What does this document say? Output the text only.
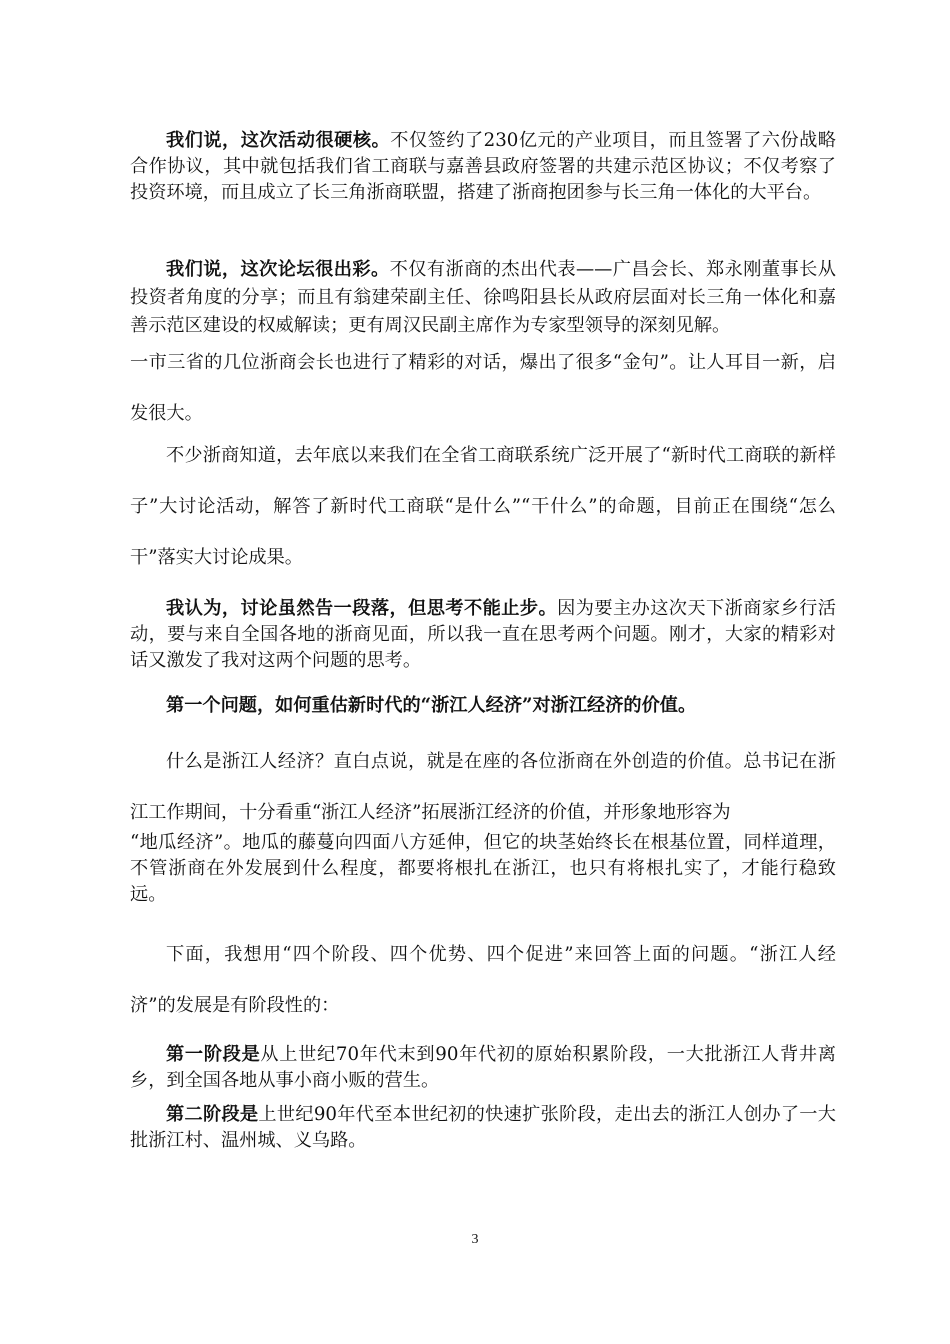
我们说，这次活动很硬核。不仅签约了230亿元的产业项目，而且签署了六份战略合作协议，其中就包括我们省工商联与嘉善县政府签署的共建示范区协议；不仅考察了投资环境，而且成立了长三角浙商联盟，搭建了浙商抱团参与长三角一体化的大平台。

我们说，这次论坛很出彩。不仅有浙商的杰出代表——广昌会长、郑永刚董事长从投资者角度的分享；而且有翁建荣副主任、徐鸣阳县长从政府层面对长三角一体化和嘉善示范区建设的权威解读；更有周汉民副主席作为专家型领导的深刻见解。

一市三省的几位浙商会长也进行了精彩的对话，爆出了很多“金句”。让人耳目一新，启发很大。

不少浙商知道，去年底以来我们在全省工商联系统广泛开展了“新时代工商联的新样子”大讨论活动，解答了新时代工商联“是什么”“干什么”的命题，目前正在围绕“怎么干”落实大讨论成果。

我认为，讨论虽然告一段落，但思考不能止步。因为要主办这次天下浙商家乡行活动，要与来自全国各地的浙商见面，所以我一直在思考两个问题。刚才，大家的精彩对话又激发了我对这两个问题的思考。

第一个问题，如何重估新时代的“浙江人经济”对浙江经济的价值。

什么是浙江人经济？直白点说，就是在座的各位浙商在外创造的价值。总书记在浙江工作期间，十分看重“浙江人经济”拓展浙江经济的价值，并形象地形容为

“地瓜经济”。地瓜的藤蔓向四面八方延伸，但它的块茎始终长在根基位置，同样道理，不管浙商在外发展到什么程度，都要将根扎在浙江，也只有将根扎实了，才能行稳致远。

下面，我想用“四个阶段、四个优势、四个促进”来回答上面的问题。“浙江人经济”的发展是有阶段性的：

第一阶段是从上世纪70年代末到90年代初的原始积累阶段，一大批浙江人背井离乡，到全国各地从事小商小贩的营生。

第二阶段是上世纪90年代至本世纪初的快速扩张阶段，走出去的浙江人创办了一大批浙江村、温州城、义乌路。

3
